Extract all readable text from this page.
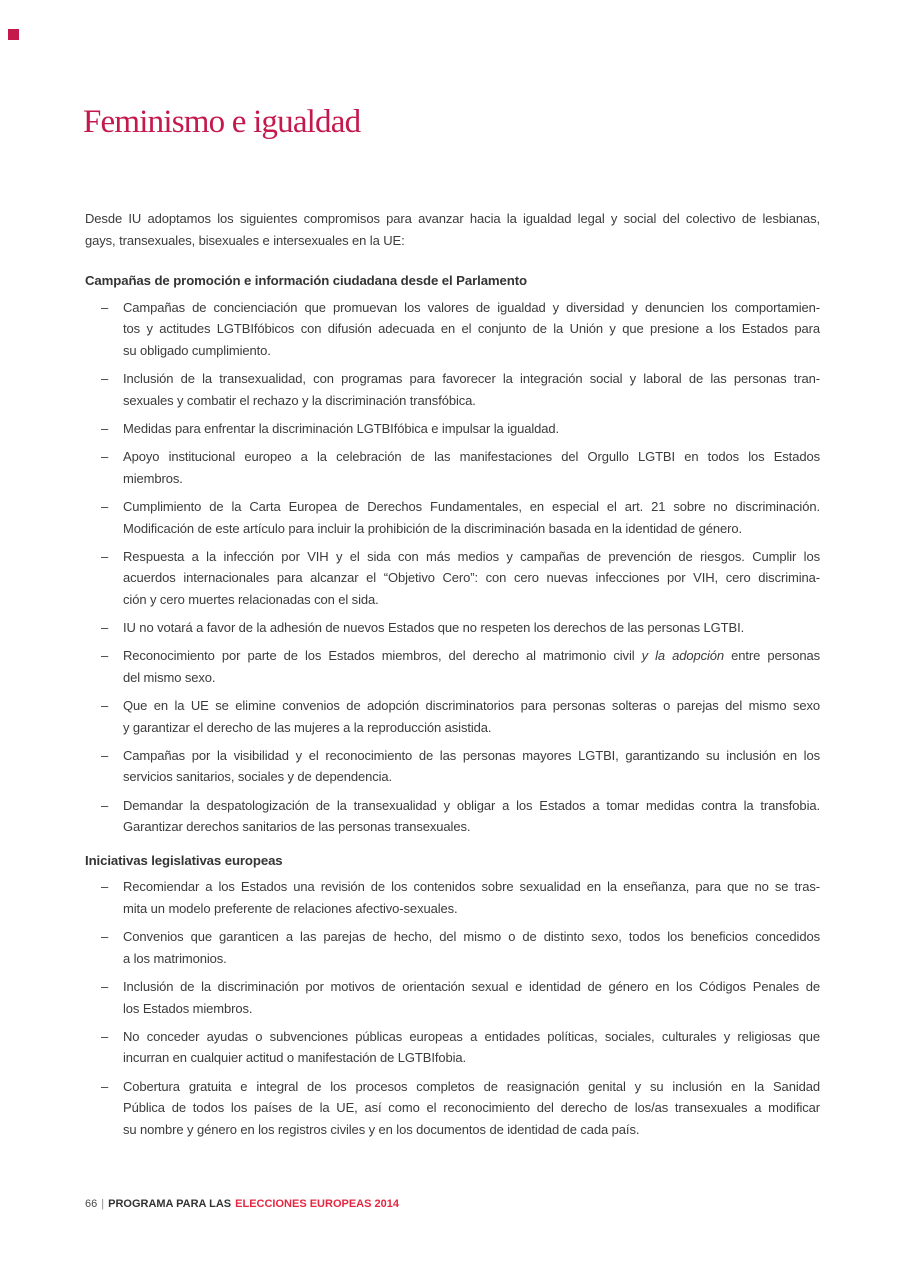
Feminismo e igualdad
Desde IU adoptamos los siguientes compromisos para avanzar hacia la igualdad legal y social del colectivo de lesbianas,
gays, transexuales, bisexuales e intersexuales en la UE:
Campañas de promoción e información ciudadana desde el Parlamento
–	Campañas de concienciación que promuevan los valores de igualdad y diversidad y denuncien los comportamien-
tos y actitudes LGTBIfóbicos con difusión adecuada en el conjunto de la Unión y que presione a los Estados para
su obligado cumplimiento.
–	Inclusión de la transexualidad, con programas para favorecer la integración social y laboral de las personas tran-
sexuales y combatir el rechazo y la discriminación transfóbica.
–	Medidas para enfrentar la discriminación LGTBIfóbica e impulsar la igualdad.
–	Apoyo institucional europeo a la celebración de las manifestaciones del Orgullo LGTBI en todos los Estados
miembros.
–	Cumplimiento de la Carta Europea de Derechos Fundamentales, en especial el art. 21 sobre no discriminación.
Modificación de este artículo para incluir la prohibición de la discriminación basada en la identidad de género.
–	Respuesta a la infección por VIH y el sida con más medios y campañas de prevención de riesgos. Cumplir los
acuerdos internacionales para alcanzar el “Objetivo Cero”: con cero nuevas infecciones por VIH, cero discrimina-
ción y cero muertes relacionadas con el sida.
–	IU no votará a favor de la adhesión de nuevos Estados que no respeten los derechos de las personas LGTBI.
–	Reconocimiento por parte de los Estados miembros, del derecho al matrimonio civil y la adopción entre personas
del mismo sexo.
–	Que en la UE se elimine convenios de adopción discriminatorios para personas solteras o parejas del mismo sexo
y garantizar el derecho de las mujeres a la reproducción asistida.
–	Campañas por la visibilidad y el reconocimiento de las personas mayores LGTBI, garantizando su inclusión en los
servicios sanitarios, sociales y de dependencia.
–	Demandar la despatologización de la transexualidad y obligar a los Estados a tomar medidas contra la transfobia.
Garantizar derechos sanitarios de las personas transexuales.
Iniciativas legislativas europeas
–	Recomiendar a los Estados una revisión de los contenidos sobre sexualidad en la enseñanza, para que no se tras-
mita un modelo preferente de relaciones afectivo-sexuales.
–	Convenios que garanticen a las parejas de hecho, del mismo o de distinto sexo, todos los beneficios concedidos
a los matrimonios.
–	Inclusión de la discriminación por motivos de orientación sexual e identidad de género en los Códigos Penales de
los Estados miembros.
–	No conceder ayudas o subvenciones públicas europeas a entidades políticas, sociales, culturales y religiosas que
incurran en cualquier actitud o manifestación de LGTBIfobia.
–	Cobertura gratuita e integral de los procesos completos de reasignación genital y su inclusión en la Sanidad
Pública de todos los países de la UE, así como el reconocimiento del derecho de los/as transexuales a modificar
su nombre y género en los registros civiles y en los documentos de identidad de cada país.
66 | PROGRAMA PARA LAS ELECCIONES EUROPEAS 2014
